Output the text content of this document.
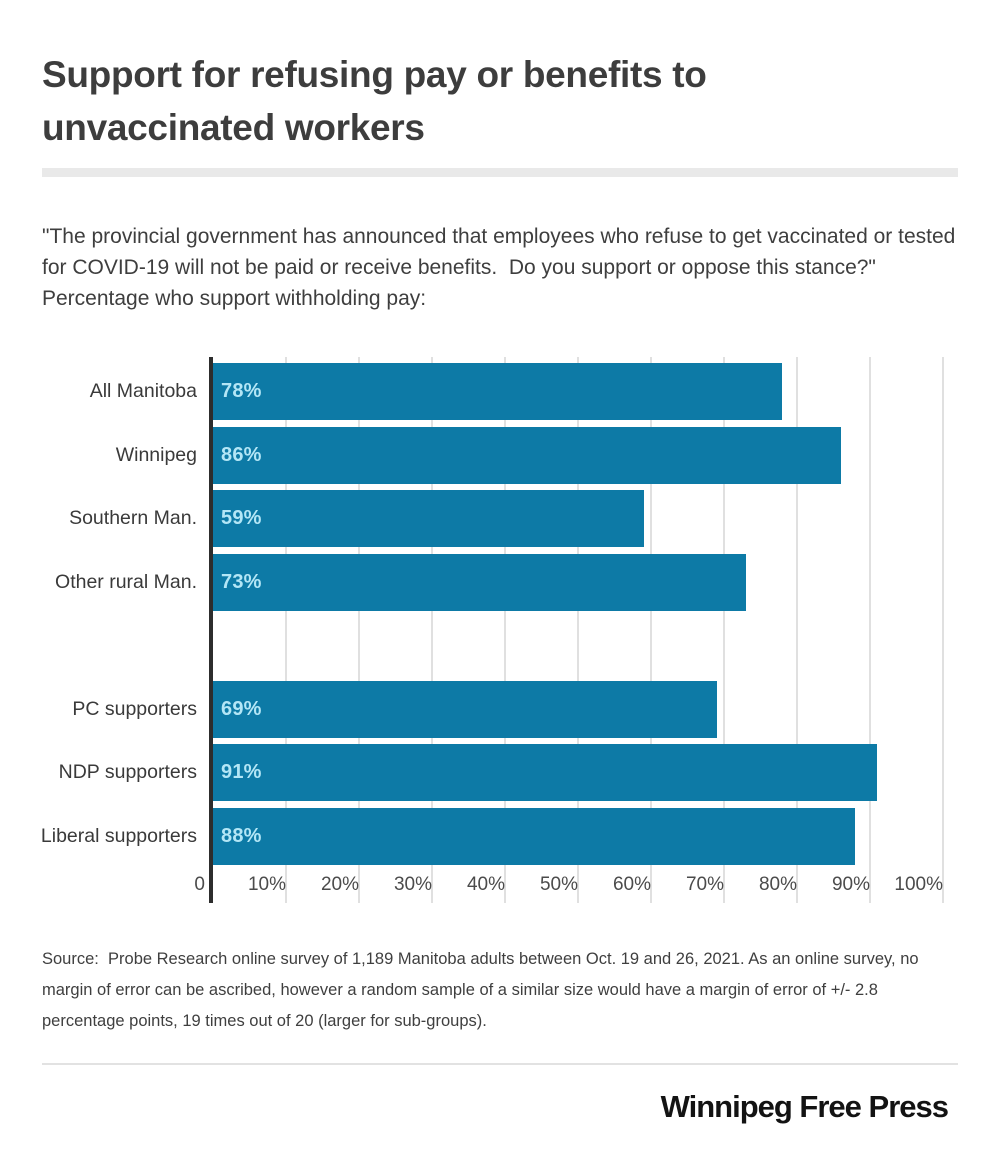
Support for refusing pay or benefits to unvaccinated workers
"The provincial government has announced that employees who refuse to get vaccinated or tested for COVID-19 will not be paid or receive benefits.  Do you support or oppose this stance?"  Percentage who support withholding pay:
0	10%	20%	30%	40%	50%	60%	70%	80%	90%	100%
All Manitoba	78%
Winnipeg	86%
Southern Man.	59%
Other rural Man.	73%
PC supporters	69%
NDP supporters	91%
Liberal supporters	88%
Source:  Probe Research online survey of 1,189 Manitoba adults between Oct. 19 and 26, 2021. As an online survey, no margin of error can be ascribed, however a random sample of a similar size would have a margin of error of +/- 2.8 percentage points, 19 times out of 20 (larger for sub-groups).
Winnipeg Free Press
